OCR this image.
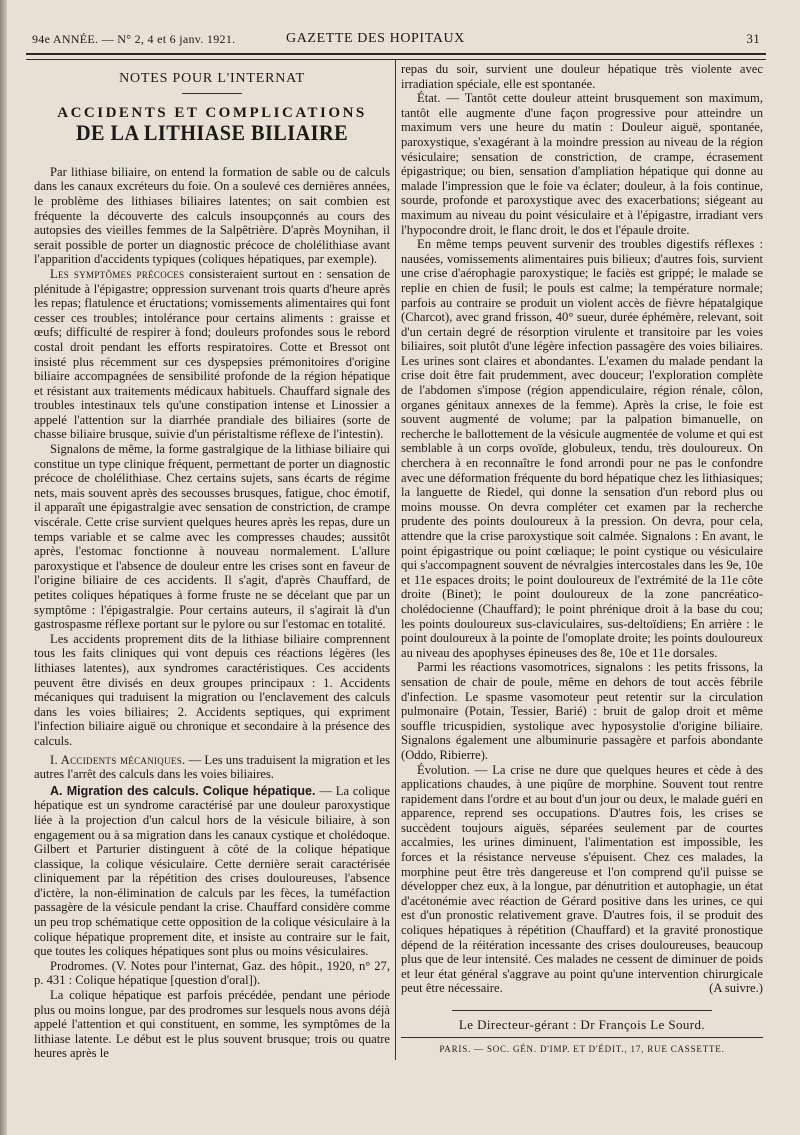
94e ANNÉE. — N° 2, 4 et 6 janv. 1921.	GAZETTE DES HOPITAUX	31
NOTES POUR L'INTERNAT
ACCIDENTS ET COMPLICATIONS
DE LA LITHIASE BILIAIRE

Par lithiase biliaire, on entend la formation de sable ou de calculs dans les canaux excréteurs du foie. On a soulevé ces dernières années, le problème des lithiases biliaires latentes; on sait combien est fréquente la découverte des calculs insoupçonnés au cours des autopsies des vieilles femmes de la Salpêtrière. D'après Moynihan, il serait possible de porter un diagnostic précoce de cholélithiase avant l'apparition d'accidents typiques (coliques hépatiques, par exemple).

Les symptômes précoces consisteraient surtout en : sensation de plénitude à l'épigastre; oppression survenant trois quarts d'heure après les repas; flatulence et éructations; vomissements alimentaires qui font cesser ces troubles; intolérance pour certains aliments : graisse et œufs; difficulté de respirer à fond; douleurs profondes sous le rebord costal droit pendant les efforts respiratoires. Cotte et Bressot ont insisté plus récemment sur ces dyspepsies prémonitoires d'origine biliaire accompagnées de sensibilité profonde de la région hépatique et résistant aux traitements médicaux habituels. Chauffard signale des troubles intestinaux tels qu'une constipation intense et Linossier a appelé l'attention sur la diarrhée prandiale des biliaires (sorte de chasse biliaire brusque, suivie d'un péristaltisme réflexe de l'intestin).

Signalons de même, la forme gastralgique de la lithiase biliaire qui constitue un type clinique fréquent, permettant de porter un diagnostic précoce de cholélithiase. Chez certains sujets, sans écarts de régime nets, mais souvent après des secousses brusques, fatigue, choc émotif, il apparaît une épigastralgie avec sensation de constriction, de crampe viscérale. Cette crise survient quelques heures après les repas, dure un temps variable et se calme avec les compresses chaudes; aussitôt après, l'estomac fonctionne à nouveau normalement. L'allure paroxystique et l'absence de douleur entre les crises sont en faveur de l'origine biliaire de ces accidents. Il s'agit, d'après Chauffard, de petites coliques hépatiques à forme fruste ne se décelant que par un symptôme : l'épigastralgie. Pour certains auteurs, il s'agirait là d'un gastrospasme réflexe portant sur le pylore ou sur l'estomac en totalité.

Les accidents proprement dits de la lithiase biliaire comprennent tous les faits cliniques qui vont depuis ces réactions légères (les lithiases latentes), aux syndromes caractéristiques. Ces accidents peuvent être divisés en deux groupes principaux : 1. Accidents mécaniques qui traduisent la migration ou l'enclavement des calculs dans les voies biliaires; 2. Accidents septiques, qui expriment l'infection biliaire aiguë ou chronique et secondaire à la présence des calculs.

I. Accidents mécaniques. — Les uns traduisent la migration et les autres l'arrêt des calculs dans les voies biliaires.

A. Migration des calculs. Colique hépatique. — La colique hépatique est un syndrome caractérisé par une douleur paroxystique liée à la projection d'un calcul hors de la vésicule biliaire, à son engagement ou à sa migration dans les canaux cystique et cholédoque. Gilbert et Parturier distinguent à côté de la colique hépatique classique, la colique vésiculaire. Cette dernière serait caractérisée cliniquement par la répétition des crises douloureuses, l'absence d'ictère, la non-élimination de calculs par les fèces, la tuméfaction passagère de la vésicule pendant la crise. Chauffard considère comme un peu trop schématique cette opposition de la colique vésiculaire à la colique hépatique proprement dite, et insiste au contraire sur le fait, que toutes les coliques hépatiques sont plus ou moins vésiculaires.

Prodromes. (V. Notes pour l'internat, Gaz. des hôpit., 1920, n° 27, p. 431 : Colique hépatique [question d'oral]).

La colique hépatique est parfois précédée, pendant une période plus ou moins longue, par des prodromes sur lesquels nous avons déjà appelé l'attention et qui constituent, en somme, les symptômes de la lithiase latente. Le début est le plus souvent brusque; trois ou quatre heures après le

repas du soir, survient une douleur hépatique très violente avec irradiation spéciale, elle est spontanée.

État. — Tantôt cette douleur atteint brusquement son maximum, tantôt elle augmente d'une façon progressive pour atteindre un maximum vers une heure du matin : Douleur aiguë, spontanée, paroxystique, s'exagérant à la moindre pression au niveau de la région vésiculaire; sensation de constriction, de crampe, écrasement épigastrique; ou bien, sensation d'ampliation hépatique qui donne au malade l'impression que le foie va éclater; douleur, à la fois continue, sourde, profonde et paroxystique avec des exacerbations; siégeant au maximum au niveau du point vésiculaire et à l'épigastre, irradiant vers l'hypocondre droit, le flanc droit, le dos et l'épaule droite.

En même temps peuvent survenir des troubles digestifs réflexes : nausées, vomissements alimentaires puis bilieux; d'autres fois, survient une crise d'aérophagie paroxystique; le faciès est grippé; le malade se replie en chien de fusil; le pouls est calme; la température normale; parfois au contraire se produit un violent accès de fièvre hépatalgique (Charcot), avec grand frisson, 40° sueur, durée éphémère, relevant, soit d'un certain degré de résorption virulente et transitoire par les voies biliaires, soit plutôt d'une légère infection passagère des voies biliaires. Les urines sont claires et abondantes. L'examen du malade pendant la crise doit être fait prudemment, avec douceur; l'exploration complète de l'abdomen s'impose (région appendiculaire, région rénale, côlon, organes génitaux annexes de la femme). Après la crise, le foie est souvent augmenté de volume; par la palpation bimanuelle, on recherche le ballottement de la vésicule augmentée de volume et qui est semblable à un corps ovoïde, globuleux, tendu, très douloureux. On cherchera à en reconnaître le fond arrondi pour ne pas le confondre avec une déformation fréquente du bord hépatique chez les lithiasiques; la languette de Riedel, qui donne la sensation d'un rebord plus ou moins mousse. On devra compléter cet examen par la recherche prudente des points douloureux à la pression. On devra, pour cela, attendre que la crise paroxystique soit calmée. Signalons : En avant, le point épigastrique ou point cœliaque; le point cystique ou vésiculaire qui s'accompagnent souvent de névralgies intercostales dans les 9e, 10e et 11e espaces droits; le point douloureux de l'extrémité de la 11e côte droite (Binet); le point douloureux de la zone pancréatico-cholédocienne (Chauffard); le point phrénique droit à la base du cou; les points douloureux sus-claviculaires, sus-deltoïdiens; En arrière : le point douloureux à la pointe de l'omoplate droite; les points douloureux au niveau des apophyses épineuses des 8e, 10e et 11e dorsales.

Parmi les réactions vasomotrices, signalons : les petits frissons, la sensation de chair de poule, même en dehors de tout accès fébrile d'infection. Le spasme vasomoteur peut retentir sur la circulation pulmonaire (Potain, Tessier, Barié) : bruit de galop droit et même souffle tricuspidien, systolique avec hyposystolie d'origine biliaire. Signalons également une albuminurie passagère et parfois abondante (Oddo, Ribierre).

Évolution. — La crise ne dure que quelques heures et cède à des applications chaudes, à une piqûre de morphine. Souvent tout rentre rapidement dans l'ordre et au bout d'un jour ou deux, le malade guéri en apparence, reprend ses occupations. D'autres fois, les crises se succèdent toujours aiguës, séparées seulement par de courtes accalmies, les urines diminuent, l'alimentation est impossible, les forces et la résistance nerveuse s'épuisent. Chez ces malades, la morphine peut être très dangereuse et l'on comprend qu'il puisse se développer chez eux, à la longue, par dénutrition et autophagie, un état d'acétonémie avec réaction de Gérard positive dans les urines, ce qui est d'un pronostic relativement grave. D'autres fois, il se produit des coliques hépatiques à répétition (Chauffard) et la gravité pronostique dépend de la réitération incessante des crises douloureuses, beaucoup plus que de leur intensité. Ces malades ne cessent de diminuer de poids et leur état général s'aggrave au point qu'une intervention chirurgicale peut être nécessaire.	(A suivre.)

Le Directeur-gérant : Dr François Le Sourd.
PARIS. — SOC. GÉN. D'IMP. ET D'ÉDIT., 17, RUE CASSETTE.
